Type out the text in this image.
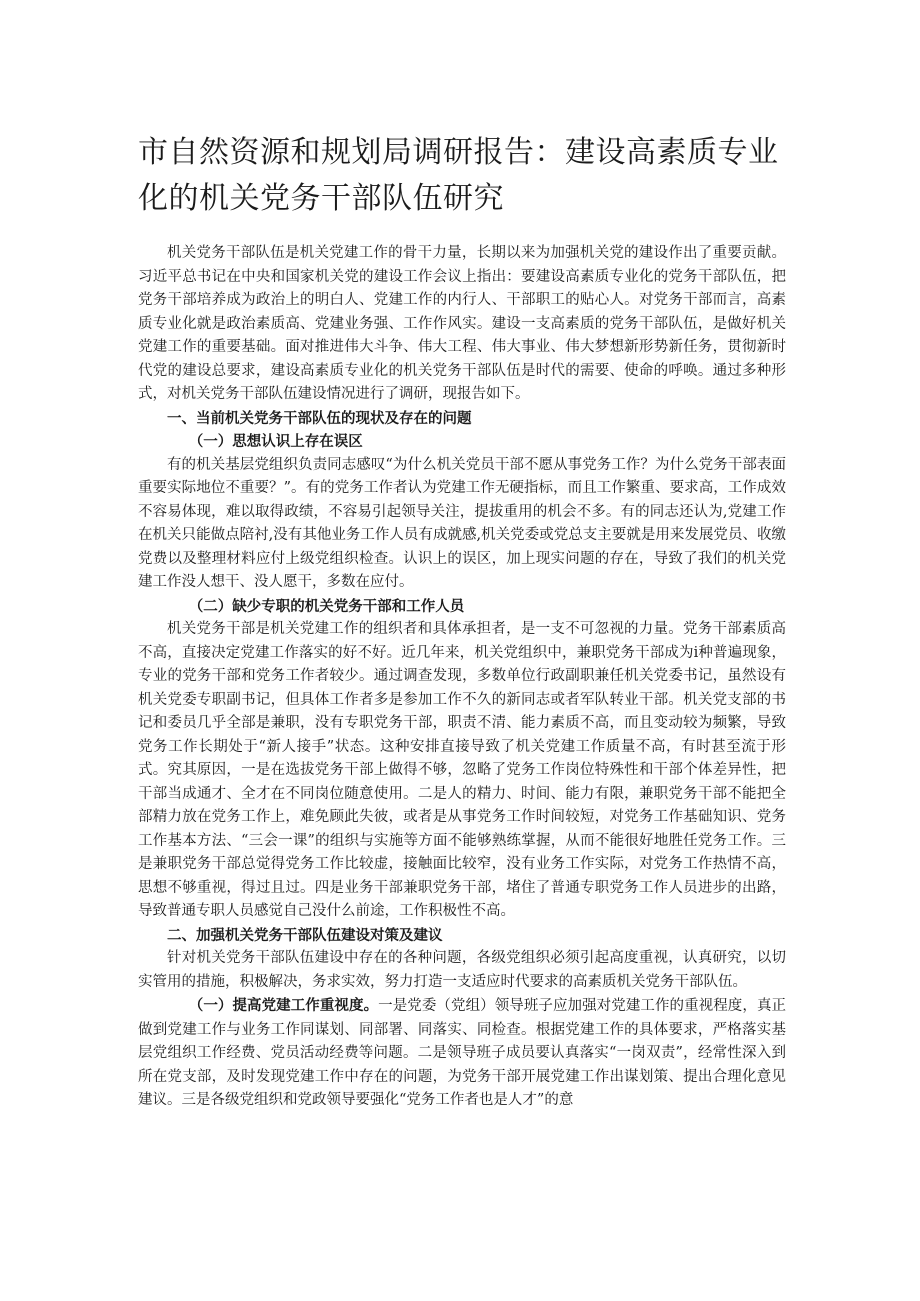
市自然资源和规划局调研报告：建设高素质专业化的机关党务干部队伍研究

机关党务干部队伍是机关党建工作的骨干力量，长期以来为加强机关党的建设作出了重要贡献。习近平总书记在中央和国家机关党的建设工作会议上指出：要建设高素质专业化的党务干部队伍，把党务干部培养成为政治上的明白人、党建工作的内行人、干部职工的贴心人。对党务干部而言，高素质专业化就是政治素质高、党建业务强、工作作风实。建设一支高素质的党务干部队伍，是做好机关党建工作的重要基础。面对推进伟大斗争、伟大工程、伟大事业、伟大梦想新形势新任务，贯彻新时代党的建设总要求，建设高素质专业化的机关党务干部队伍是时代的需要、使命的呼唤。通过多种形式，对机关党务干部队伍建设情况进行了调研，现报告如下。

一、当前机关党务干部队伍的现状及存在的问题

（一）思想认识上存在误区

有的机关基层党组织负责同志感叹“为什么机关党员干部不愿从事党务工作？为什么党务干部表面重要实际地位不重要？”。有的党务工作者认为党建工作无硬指标，而且工作繁重、要求高，工作成效不容易体现，难以取得政绩，不容易引起领导关注，提拔重用的机会不多。有的同志还认为,党建工作在机关只能做点陪衬,没有其他业务工作人员有成就感,机关党委或党总支主要就是用来发展党员、收缴党费以及整理材料应付上级党组织检查。认识上的误区，加上现实问题的存在，导致了我们的机关党建工作没人想干、没人愿干，多数在应付。

（二）缺少专职的机关党务干部和工作人员

机关党务干部是机关党建工作的组织者和具体承担者，是一支不可忽视的力量。党务干部素质高不高，直接决定党建工作落实的好不好。近几年来，机关党组织中，兼职党务干部成为i种普遍现象，专业的党务干部和党务工作者较少。通过调查发现，多数单位行政副职兼任机关党委书记，虽然设有机关党委专职副书记，但具体工作者多是参加工作不久的新同志或者军队转业干部。机关党支部的书记和委员几乎全部是兼职，没有专职党务干部，职责不清、能力素质不高，而且变动较为频繁，导致党务工作长期处于“新人接手”状态。这种安排直接导致了机关党建工作质量不高，有时甚至流于形式。究其原因，一是在选拔党务干部上做得不够，忽略了党务工作岗位特殊性和干部个体差异性，把干部当成通才、全才在不同岗位随意使用。二是人的精力、时间、能力有限，兼职党务干部不能把全部精力放在党务工作上，难免顾此失彼，或者是从事党务工作时间较短，对党务工作基础知识、党务工作基本方法、“三会一课”的组织与实施等方面不能够熟练掌握，从而不能很好地胜任党务工作。三是兼职党务干部总觉得党务工作比较虚，接触面比较窄，没有业务工作实际，对党务工作热情不高，思想不够重视，得过且过。四是业务干部兼职党务干部，堵住了普通专职党务工作人员进步的出路，导致普通专职人员感觉自己没什么前途，工作积极性不高。

二、加强机关党务干部队伍建设对策及建议

针对机关党务干部队伍建设中存在的各种问题，各级党组织必须引起高度重视，认真研究，以切实管用的措施，积极解决，务求实效，努力打造一支适应时代要求的高素质机关党务干部队伍。

（一）提高党建工作重视度。一是党委（党组）领导班子应加强对党建工作的重视程度，真正做到党建工作与业务工作同谋划、同部署、同落实、同检查。根据党建工作的具体要求，严格落实基层党组织工作经费、党员活动经费等问题。二是领导班子成员要认真落实“一岗双责”，经常性深入到所在党支部，及时发现党建工作中存在的问题，为党务干部开展党建工作出谋划策、提出合理化意见建议。三是各级党组织和党政领导要强化“党务工作者也是人才”的意
